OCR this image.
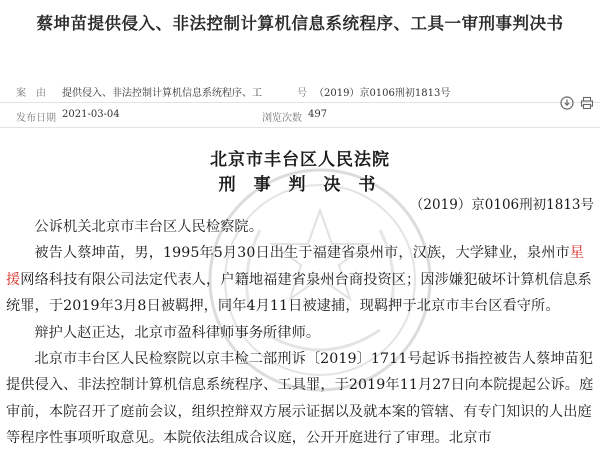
蔡坤苗提供侵入、非法控制计算机信息系统程序、工具一审刑事判决书
案　由 提供侵入、非法控制计算机信息系统程序、工	号 （2019）京0106刑初1813号
发布日期 2021-03-04	浏览次数 497
北京市丰台区人民法院
刑 事 判 决 书
（2019）京0106刑初1813号

公诉机关北京市丰台区人民检察院。

被告人蔡坤苗，男，1995年5月30日出生于福建省泉州市，汉族，大学肄业，泉州市星援网络科技有限公司法定代表人，户籍地福建省泉州台商投资区；因涉嫌犯破坏计算机信息系统罪，于2019年3月8日被羁押，同年4月11日被逮捕，现羁押于北京市丰台区看守所。

辩护人赵正达，北京市盈科律师事务所律师。

北京市丰台区人民检察院以京丰检二部刑诉〔2019〕1711号起诉书指控被告人蔡坤苗犯提供侵入、非法控制计算机信息系统程序、工具罪，于2019年11月27日向本院提起公诉。庭审前，本院召开了庭前会议，组织控辩双方展示证据以及就本案的管辖、有专门知识的人出庭等程序性事项听取意见。本院依法组成合议庭，公开开庭进行了审理。北京市
